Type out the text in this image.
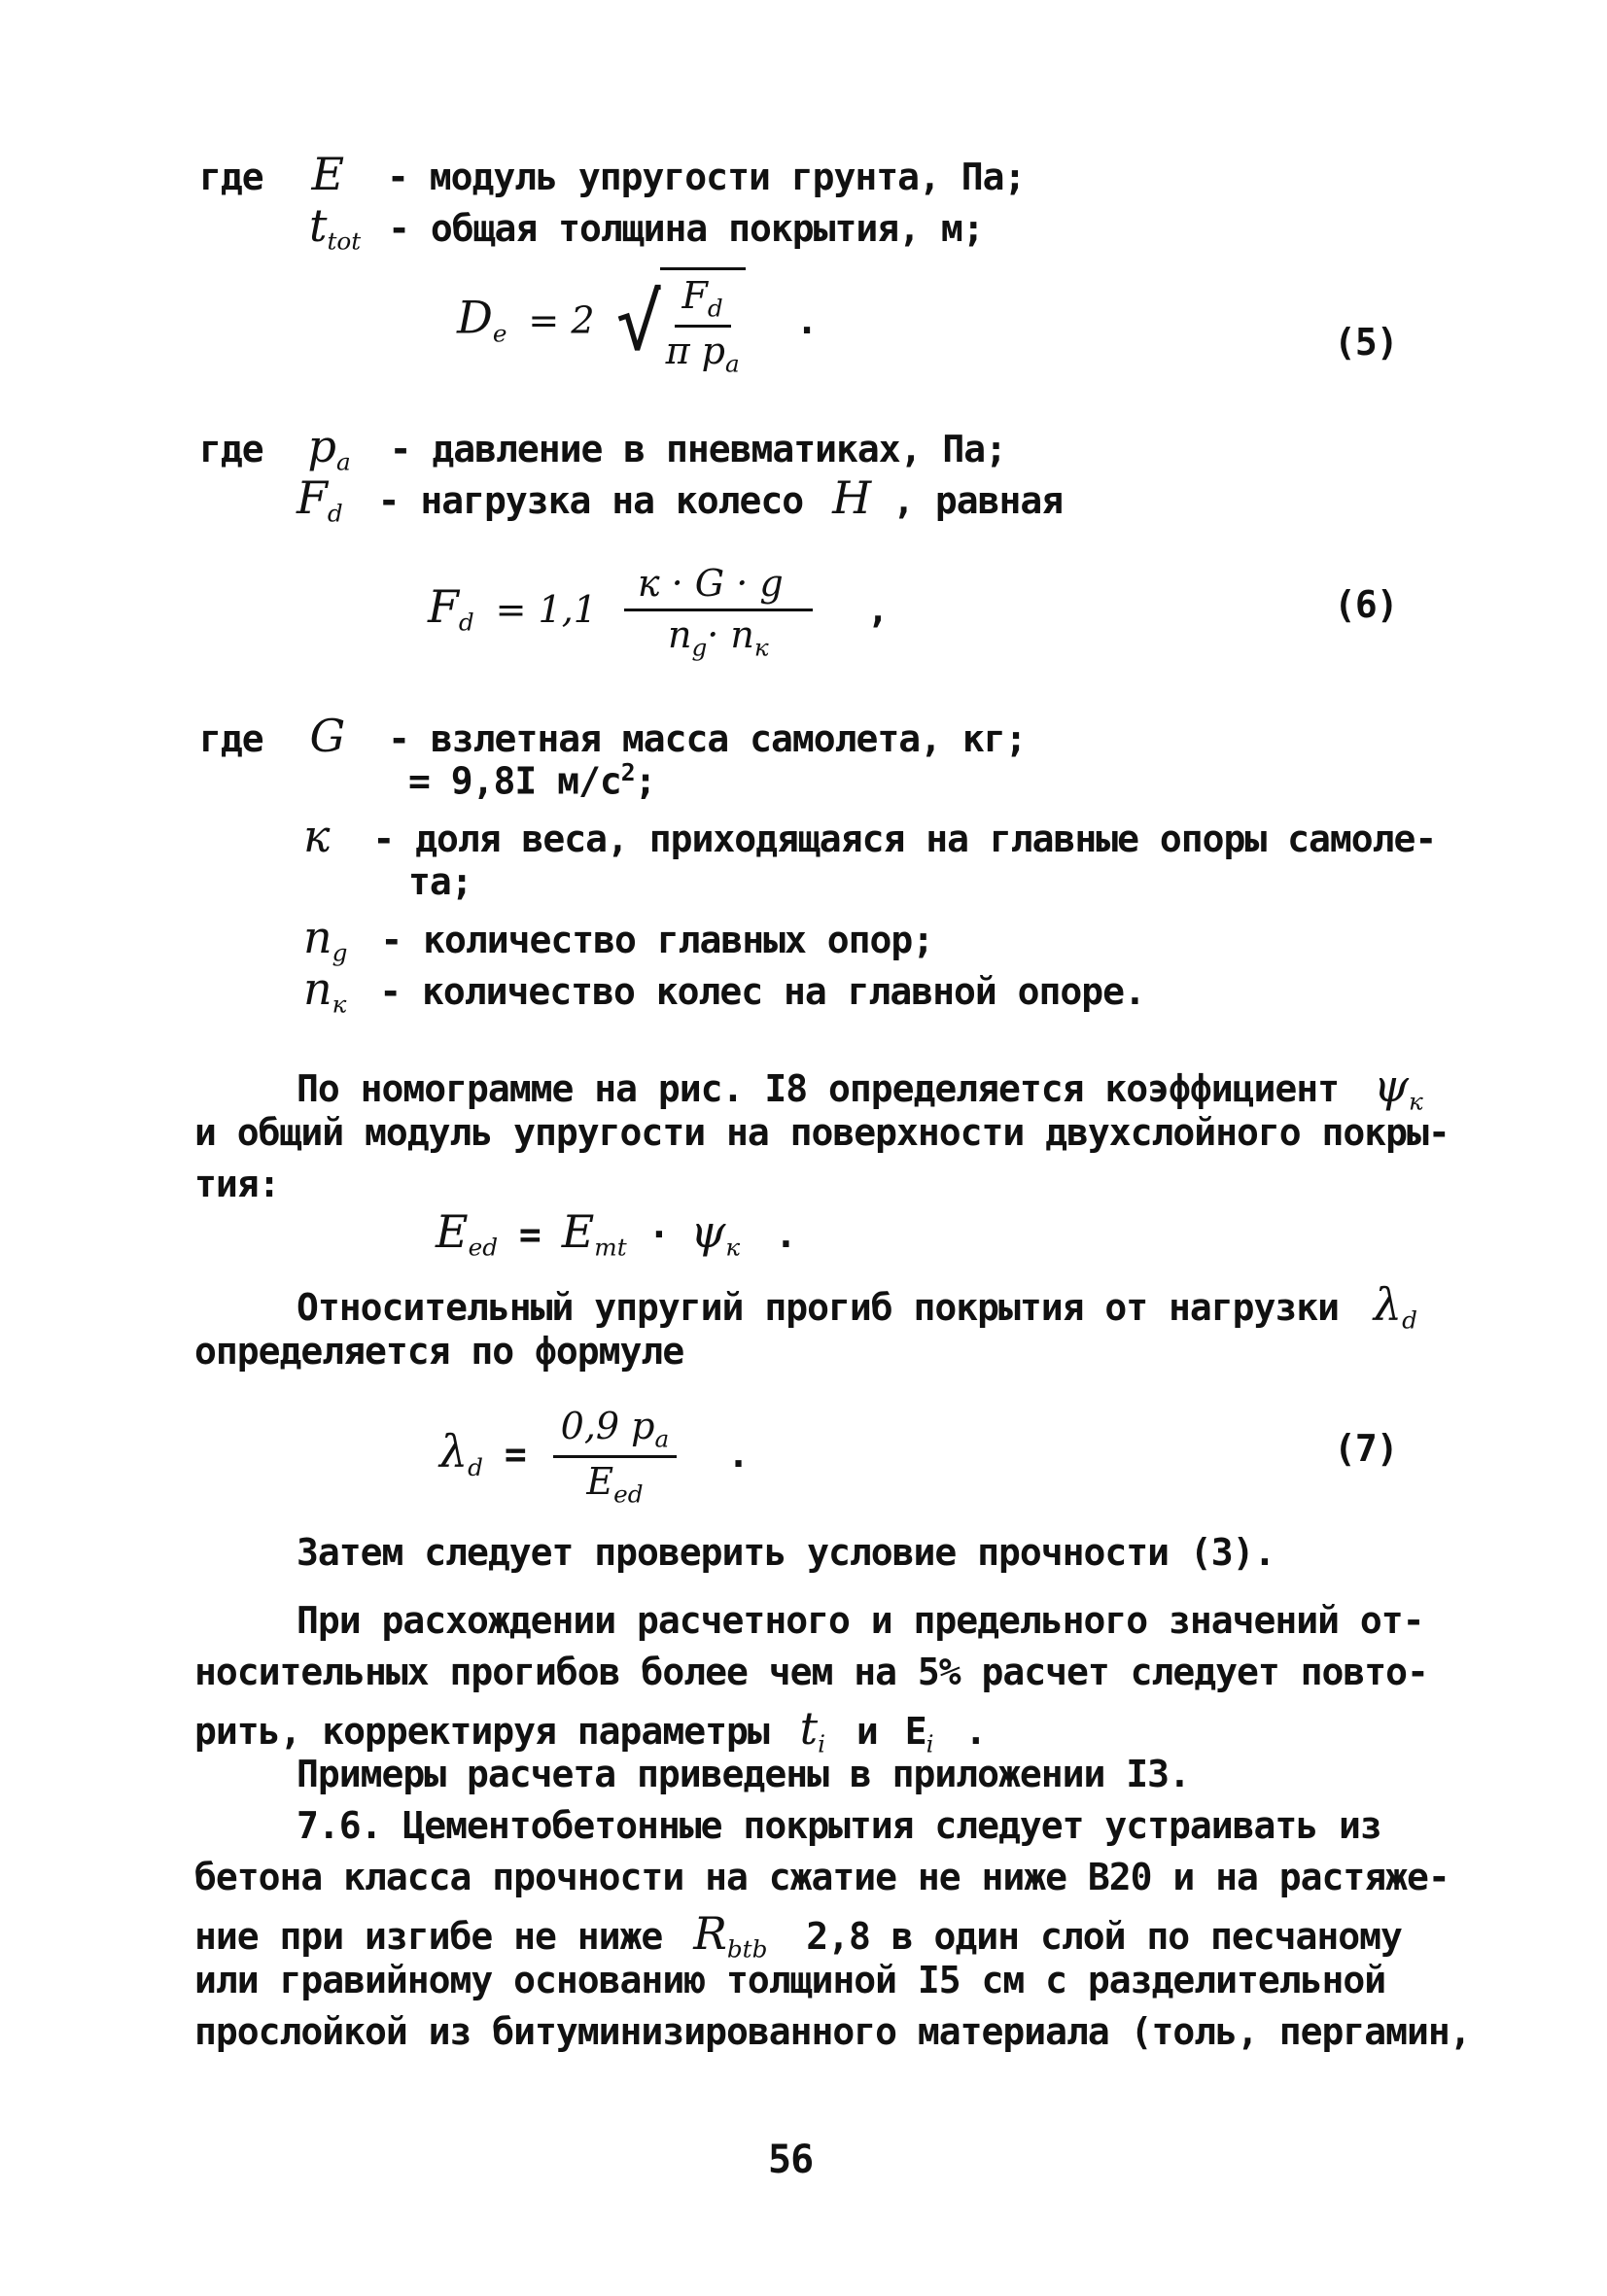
где E - модуль упругости грунта, Па;
$t_{tot}$ - общая толщина покрытия, м;
$D_e = 2$ √ $\frac{F_d}{\pi p_a}$ .
(5)
где $p_a$ - давление в пневматиках, Па;
$F_d$ - нагрузка на колесо H , равная
$F_d = 1,1 \frac{к \cdot G \cdot g}{n_g\cdot n_к}$ ,	(6)
где G - взлетная масса самолета, кг;
= 9,8I $м/с^2$;
к - доля веса, приходящаяся на главные опоры самоле-
та;
$n_g$ - количество главных опор;
$n_к$ - количество колес на главной опоре.
По номограмме на рис. I8 определяется коэффициент $\psi_к$
и общий модуль упругости на поверхности двухслойного покры-
тия:
$E_{ed} = E_{mt} \cdot \psi_к$ .
Относительный упругий прогиб покрытия от нагрузки $\lambda_d$
определяется по формуле
$\lambda_d = \frac{0,9 p_a}{E_{ed}}$ .	(7)
Затем следует проверить условие прочности (3).
При расхождении расчетного и предельного значений от-
носительных прогибов более чем на 5% расчет следует повто-
рить, корректируя параметры $t_i$ и $E_i$ .
Примеры расчета приведены в приложении I3.
7.6. Цементобетонные покрытия следует устраивать из
бетона класса прочности на сжатие не ниже В20 и на растяже-
ние при изгибе не ниже $R_{btb}$ 2,8 в один слой по песчаному
или гравийному основанию толщиной I5 см с разделительной
прослойкой из битуминизированного материала (толь, пергамин,
56
